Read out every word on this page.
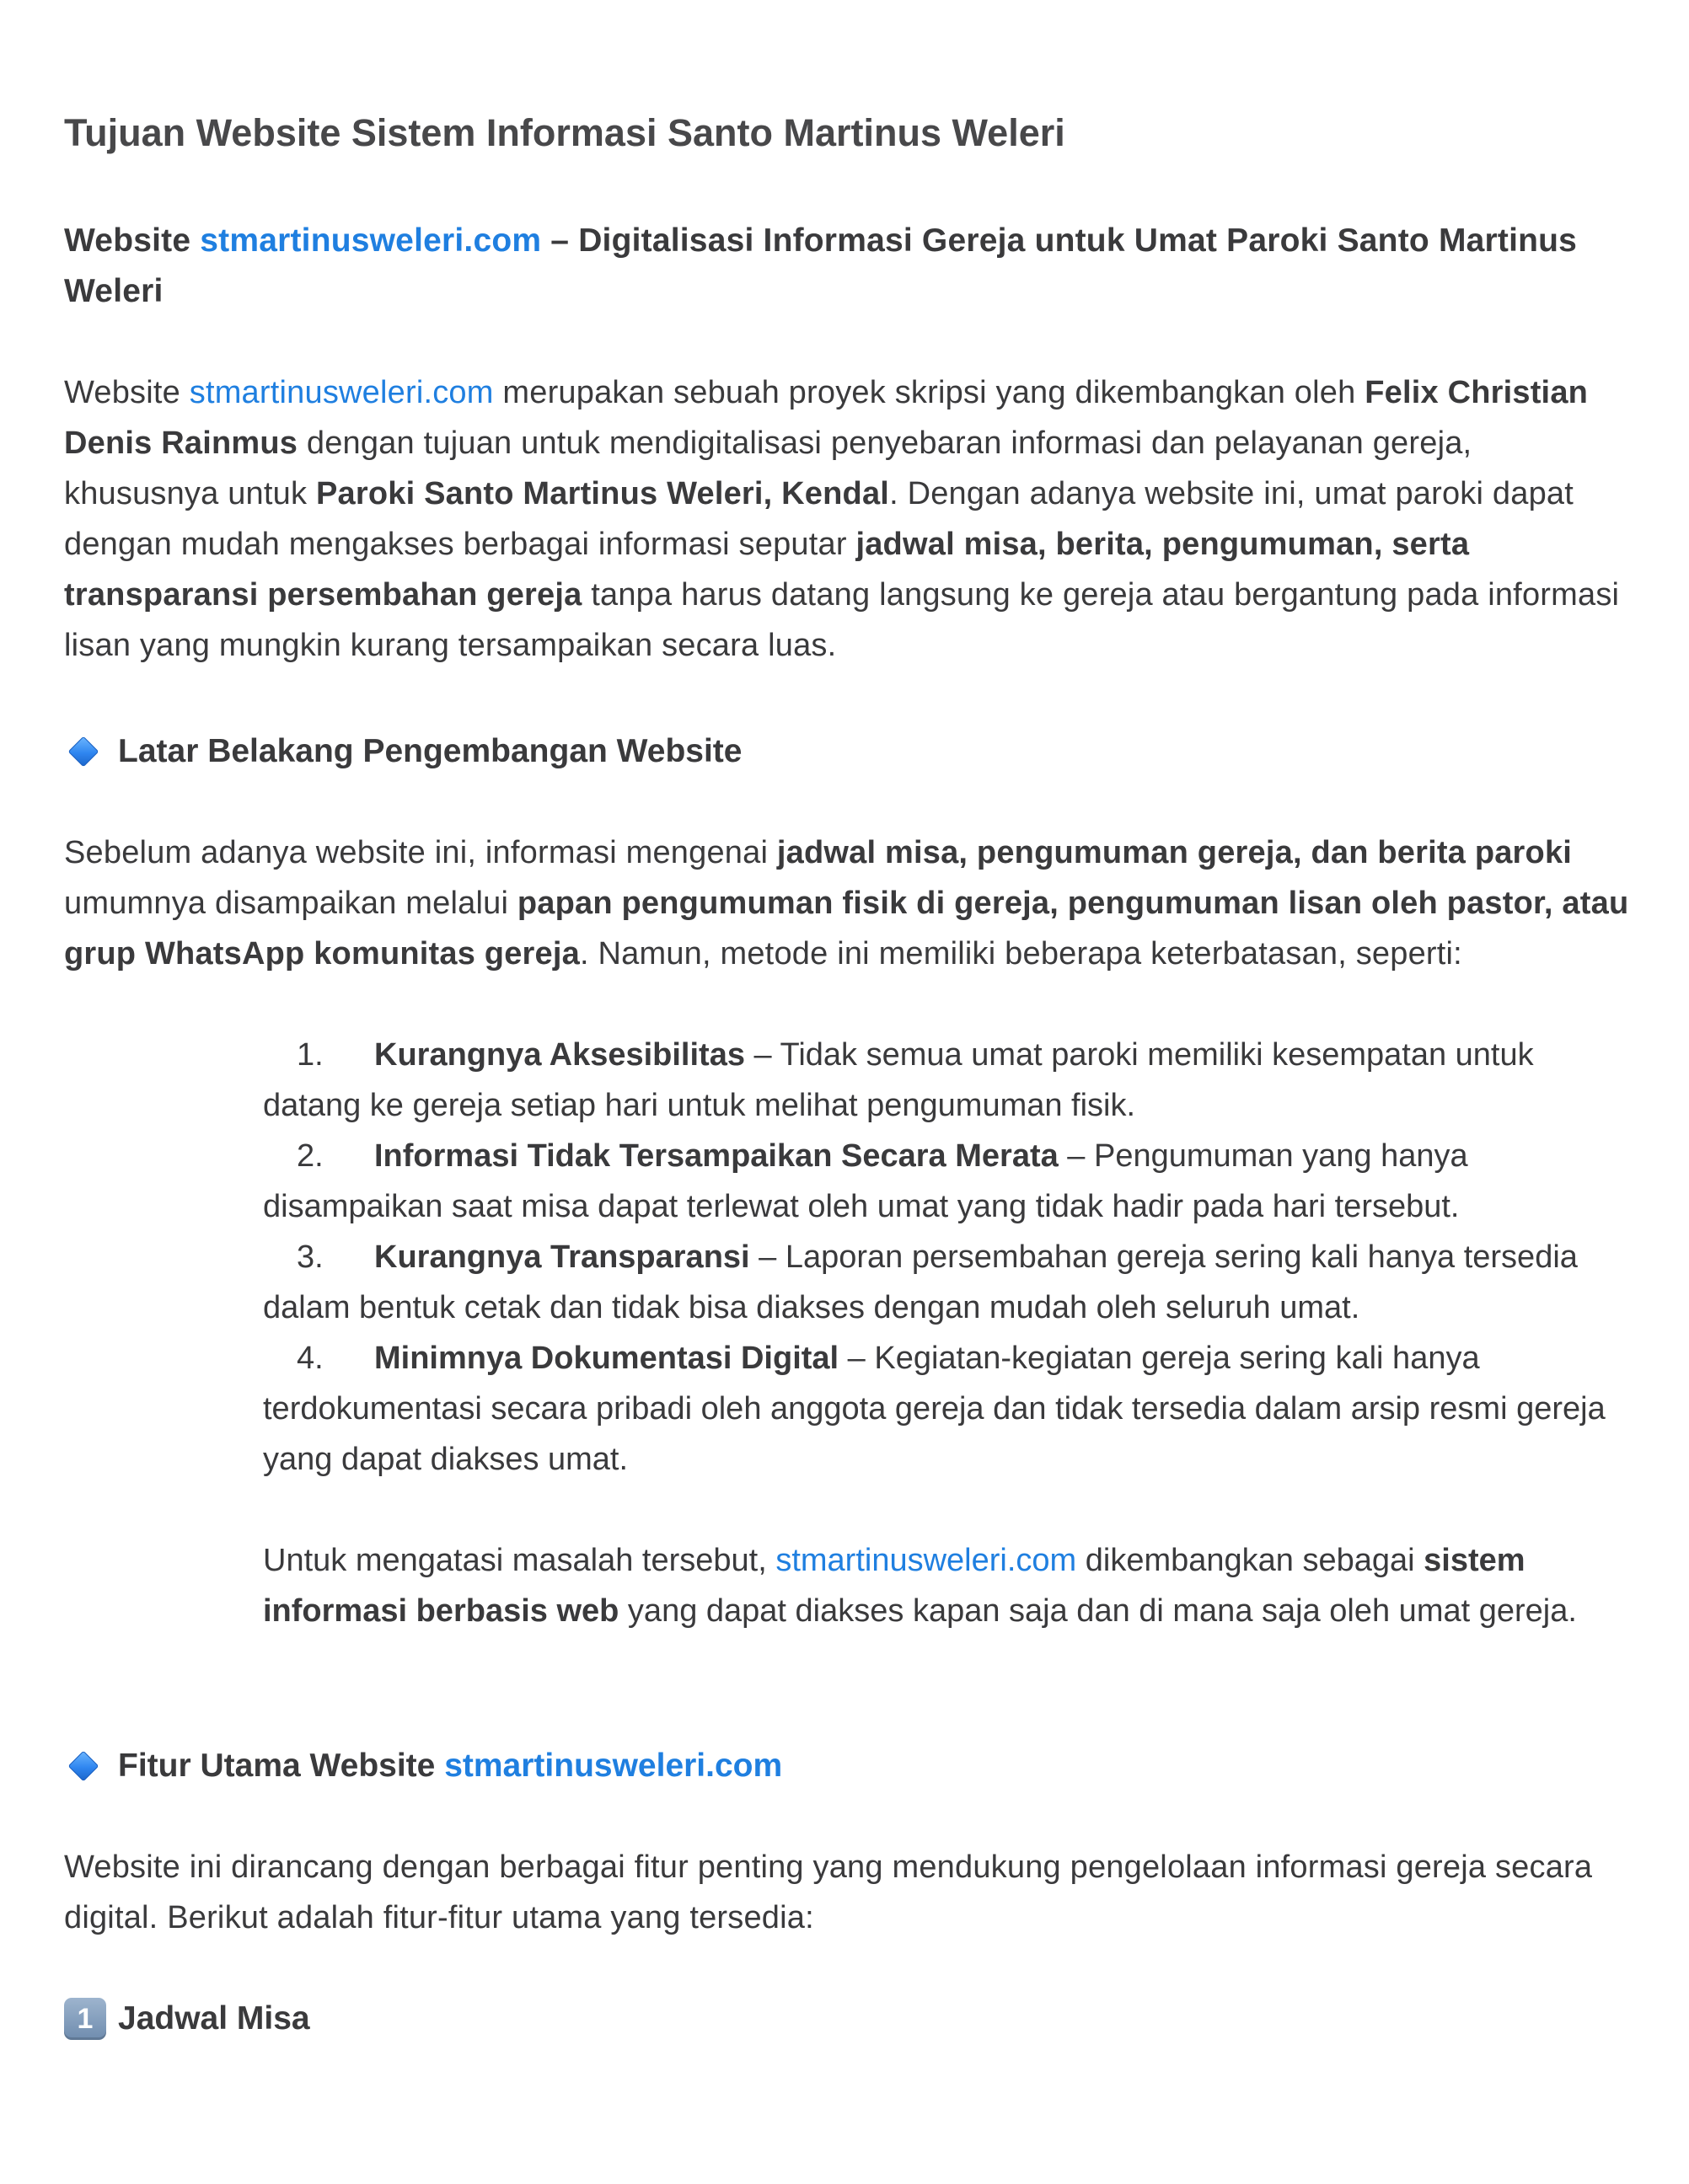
Tujuan Website Sistem Informasi Santo Martinus Weleri
Website stmartinusweleri.com – Digitalisasi Informasi Gereja untuk Umat Paroki Santo Martinus Weleri
Website stmartinusweleri.com merupakan sebuah proyek skripsi yang dikembangkan oleh Felix Christian Denis Rainmus dengan tujuan untuk mendigitalisasi penyebaran informasi dan pelayanan gereja, khususnya untuk Paroki Santo Martinus Weleri, Kendal. Dengan adanya website ini, umat paroki dapat dengan mudah mengakses berbagai informasi seputar jadwal misa, berita, pengumuman, serta transparansi persembahan gereja tanpa harus datang langsung ke gereja atau bergantung pada informasi lisan yang mungkin kurang tersampaikan secara luas.
Latar Belakang Pengembangan Website
Sebelum adanya website ini, informasi mengenai jadwal misa, pengumuman gereja, dan berita paroki umumnya disampaikan melalui papan pengumuman fisik di gereja, pengumuman lisan oleh pastor, atau grup WhatsApp komunitas gereja. Namun, metode ini memiliki beberapa keterbatasan, seperti:
1. Kurangnya Aksesibilitas – Tidak semua umat paroki memiliki kesempatan untuk datang ke gereja setiap hari untuk melihat pengumuman fisik.
2. Informasi Tidak Tersampaikan Secara Merata – Pengumuman yang hanya disampaikan saat misa dapat terlewat oleh umat yang tidak hadir pada hari tersebut.
3. Kurangnya Transparansi – Laporan persembahan gereja sering kali hanya tersedia dalam bentuk cetak dan tidak bisa diakses dengan mudah oleh seluruh umat.
4. Minimnya Dokumentasi Digital – Kegiatan-kegiatan gereja sering kali hanya terdokumentasi secara pribadi oleh anggota gereja dan tidak tersedia dalam arsip resmi gereja yang dapat diakses umat.
Untuk mengatasi masalah tersebut, stmartinusweleri.com dikembangkan sebagai sistem informasi berbasis web yang dapat diakses kapan saja dan di mana saja oleh umat gereja.
Fitur Utama Website
stmartinusweleri.com
Website ini dirancang dengan berbagai fitur penting yang mendukung pengelolaan informasi gereja secara digital. Berikut adalah fitur-fitur utama yang tersedia:
1 Jadwal Misa
